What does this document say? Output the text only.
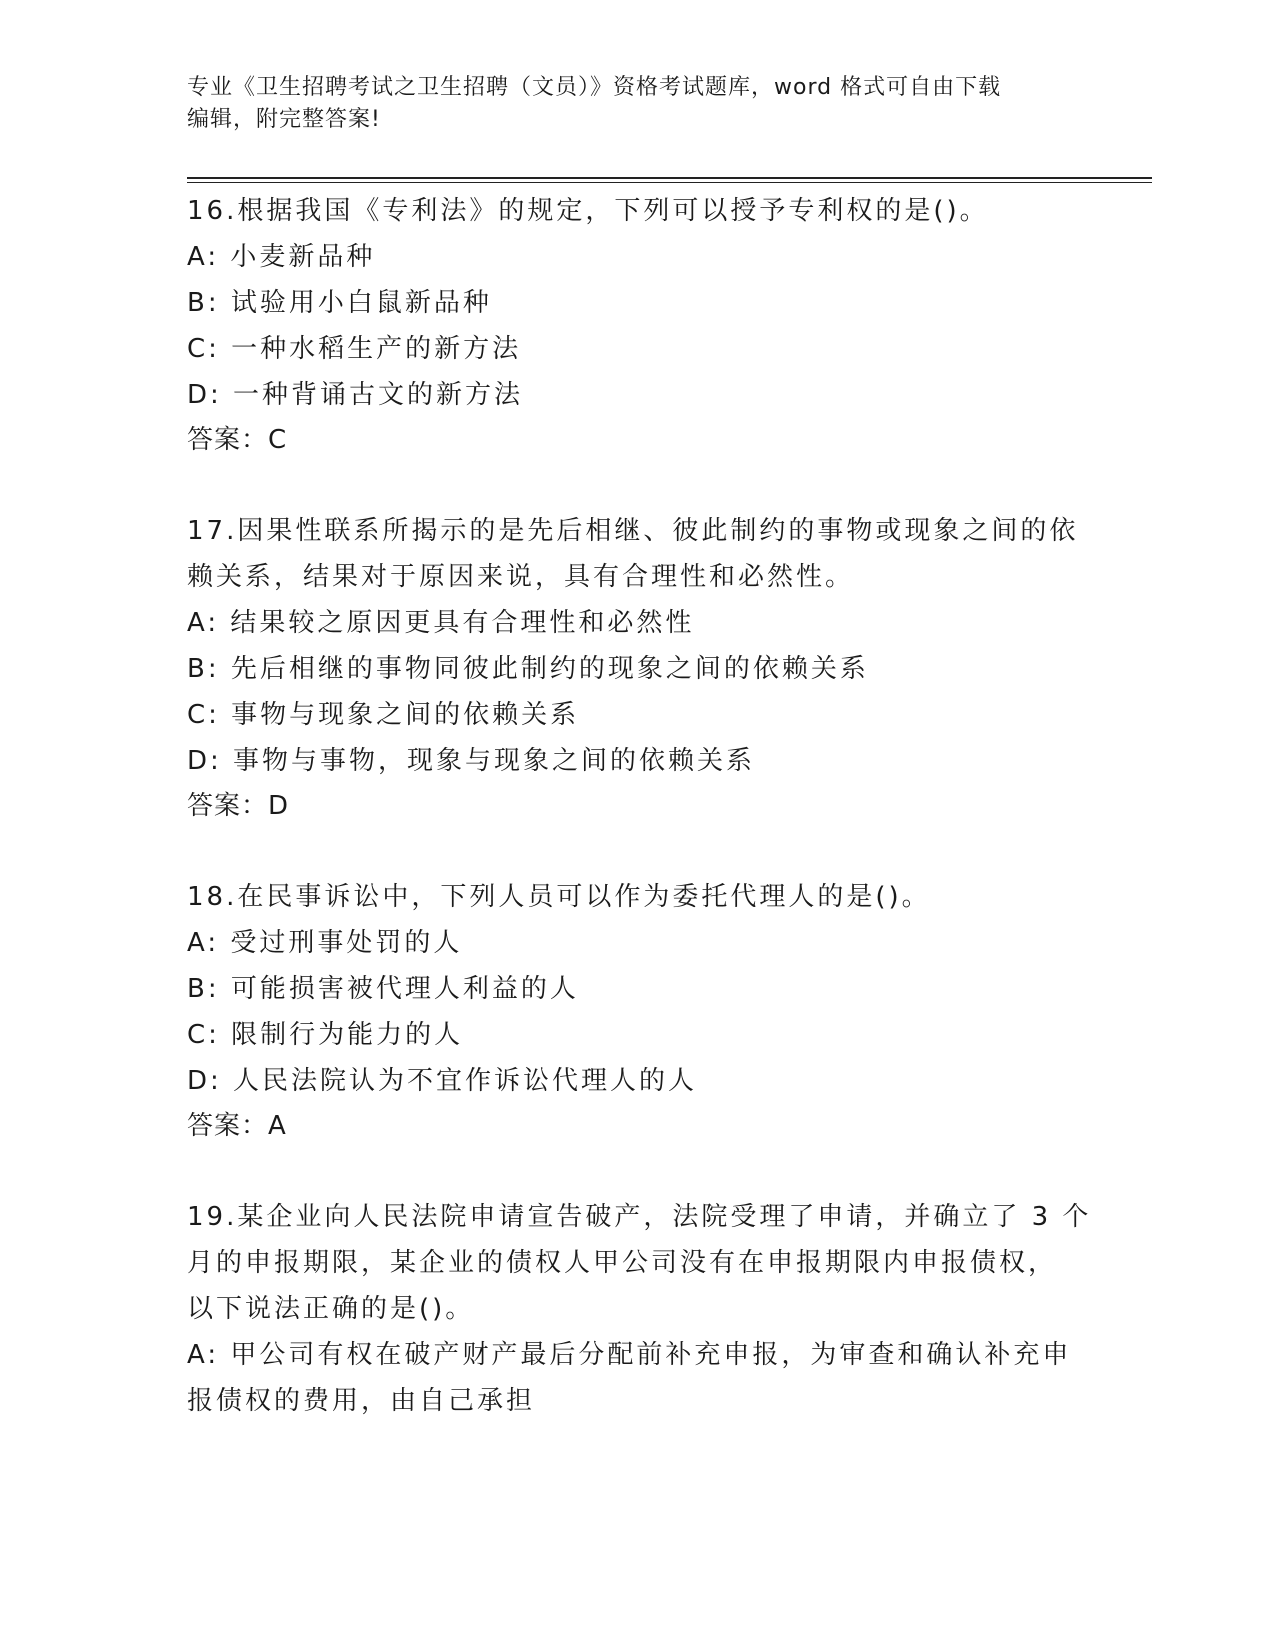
专业《卫生招聘考试之卫生招聘（文员）》资格考试题库，word 格式可自由下载
编辑，附完整答案!
16.根据我国《专利法》的规定，下列可以授予专利权的是()。
A: 小麦新品种
B: 试验用小白鼠新品种
C: 一种水稻生产的新方法
D: 一种背诵古文的新方法
答案：C
17.因果性联系所揭示的是先后相继、彼此制约的事物或现象之间的依
赖关系，结果对于原因来说，具有合理性和必然性。
A: 结果较之原因更具有合理性和必然性
B: 先后相继的事物同彼此制约的现象之间的依赖关系
C: 事物与现象之间的依赖关系
D: 事物与事物，现象与现象之间的依赖关系
答案：D
18.在民事诉讼中，下列人员可以作为委托代理人的是()。
A: 受过刑事处罚的人
B: 可能损害被代理人利益的人
C: 限制行为能力的人
D: 人民法院认为不宜作诉讼代理人的人
答案：A
19.某企业向人民法院申请宣告破产，法院受理了申请，并确立了 3 个
月的申报期限，某企业的债权人甲公司没有在申报期限内申报债权，
以下说法正确的是()。
A: 甲公司有权在破产财产最后分配前补充申报，为审查和确认补充申
报债权的费用，由自己承担
